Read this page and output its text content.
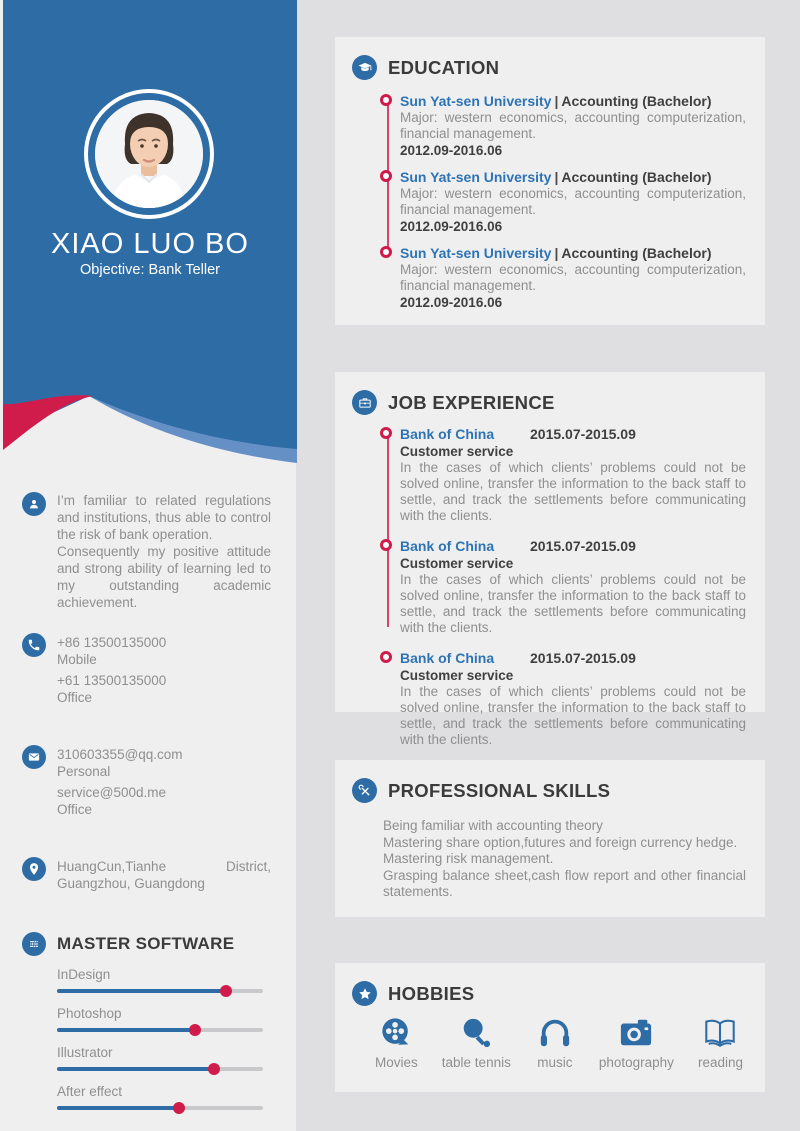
XIAO LUO BO
Objective: Bank Teller
I’m familiar to related regulations and institutions, thus able to control the risk of bank operation.
Consequently my positive attitude and strong ability of learning led to my outstanding academic achievement.
+86 13500135000
Mobile
+61 13500135000
Office
310603355@qq.com
Personal
service@500d.me
Office
HuangCun,Tianhe District, Guangzhou, Guangdong
MASTER SOFTWARE
InDesign
Photoshop
Illustrator
After effect
EDUCATION
Sun Yat-sen University | Accounting (Bachelor)
Major: western economics, accounting computerization, financial management.
2012.09-2016.06
Sun Yat-sen University | Accounting (Bachelor)
Major: western economics, accounting computerization, financial management.
2012.09-2016.06
Sun Yat-sen University | Accounting (Bachelor)
Major: western economics, accounting computerization, financial management.
2012.09-2016.06
JOB EXPERIENCE
Bank of China	2015.07-2015.09
Customer service
In the cases of which clients’ problems could not be solved online, transfer the information to the back staff to settle, and track the settlements before communicating with the clients.
Bank of China	2015.07-2015.09
Customer service
In the cases of which clients’ problems could not be solved online, transfer the information to the back staff to settle, and track the settlements before communicating with the clients.
Bank of China	2015.07-2015.09
Customer service
In the cases of which clients’ problems could not be solved online, transfer the information to the back staff to settle, and track the settlements before communicating with the clients.
PROFESSIONAL SKILLS
Being familiar with accounting theory
Mastering share option,futures and foreign currency hedge.
Mastering risk management.
Grasping balance sheet,cash flow report and other financial statements.
HOBBIES
Movies table tennis music photography reading
